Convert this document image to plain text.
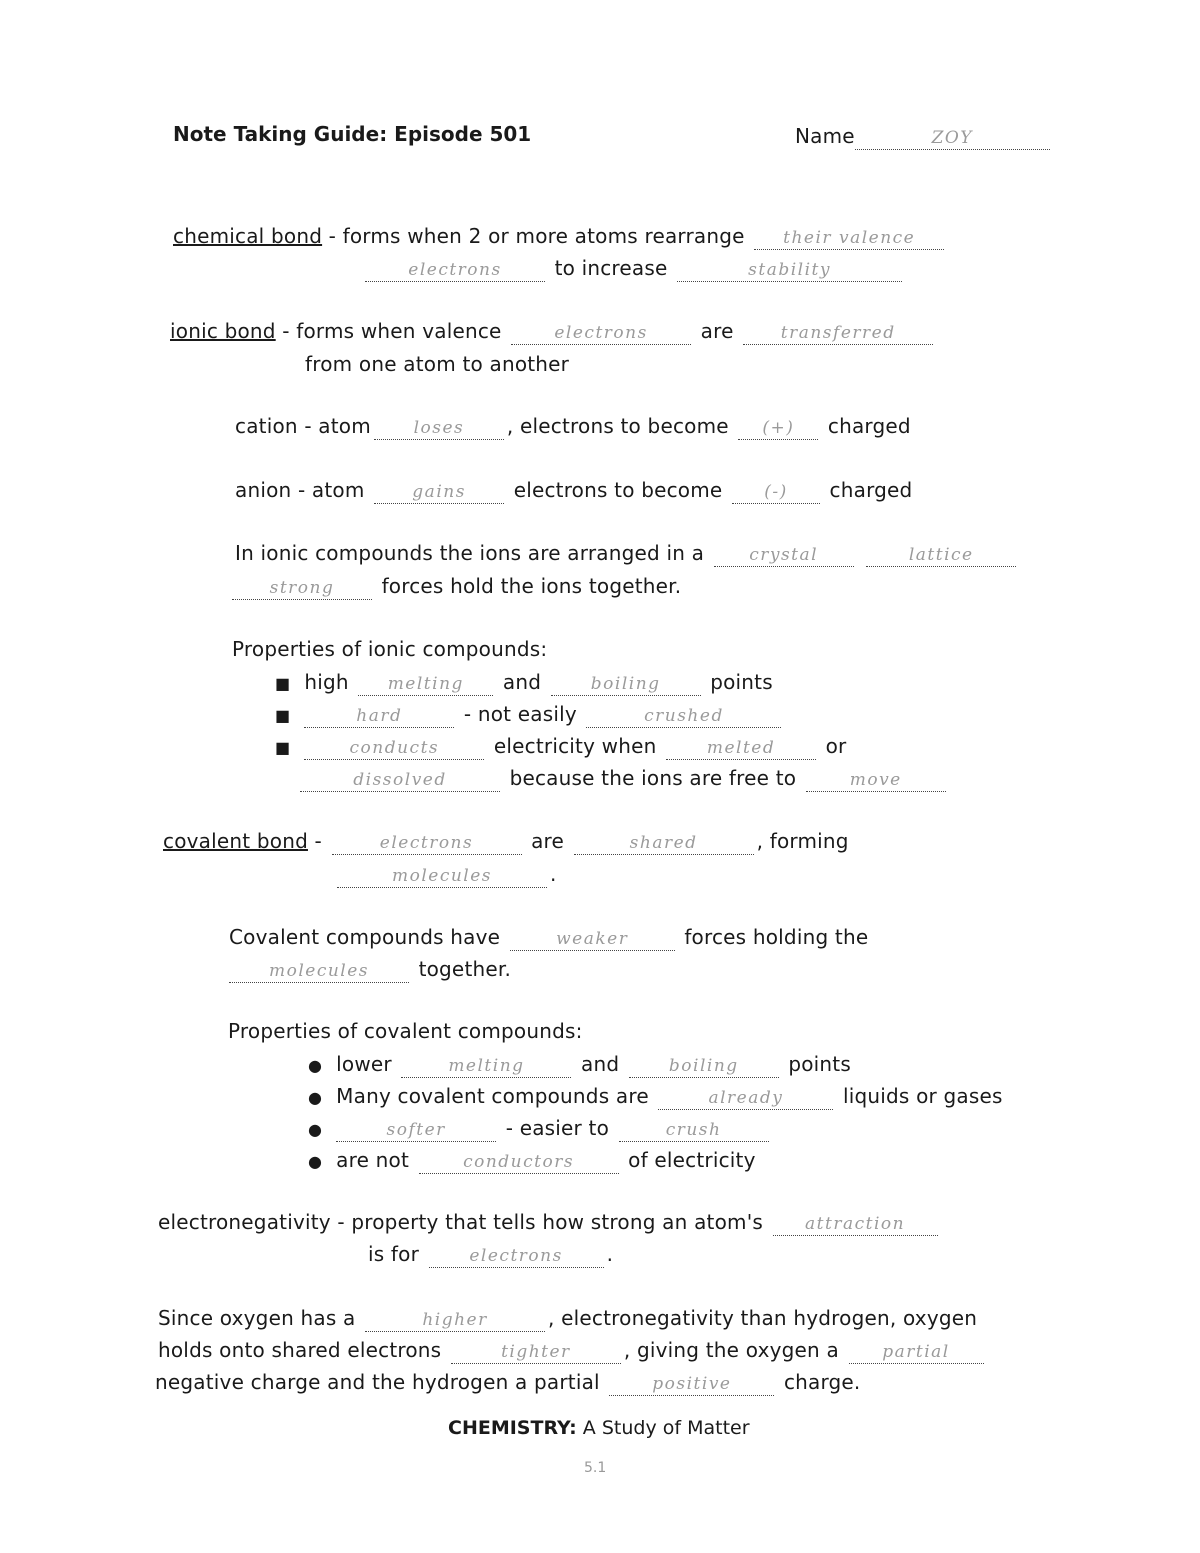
Note Taking Guide: Episode 501	Name	ZOY
chemical bond - forms when 2 or more atoms rearrange their valence
electrons	to increase	stability
ionic bond - forms when valence	electrons	are	transferred
from one atom to another
cation - atom	loses , electrons to become (+) charged
anion - atom	gains electrons to become (-) charged
In ionic compounds the ions are arranged in a	crystal	lattice
strong forces hold the ions together.
Properties of ionic compounds:
■ high melting and	boiling points
■	hard	- not easily	crushed
■	conducts	electricity when	melted	or
dissolved	because the ions are free to	move
covalent bond -	electrons	are	shared	, forming
molecules	.
Covalent compounds have	weaker	forces holding the
molecules together.
Properties of covalent compounds:
● lower	melting	and	boiling points
● Many covalent compounds are	already	liquids or gases
●	softer	- easier to	crush
● are not	conductors	of electricity
electronegativity - property that tells how strong an atom's attraction
is for	electrons .
Since oxygen has a	higher	, electronegativity than hydrogen, oxygen
holds onto shared electrons	tighter	, giving the oxygen a	partial
negative charge and the hydrogen a partial	positive	charge.
CHEMISTRY: A Study of Matter
5.1
